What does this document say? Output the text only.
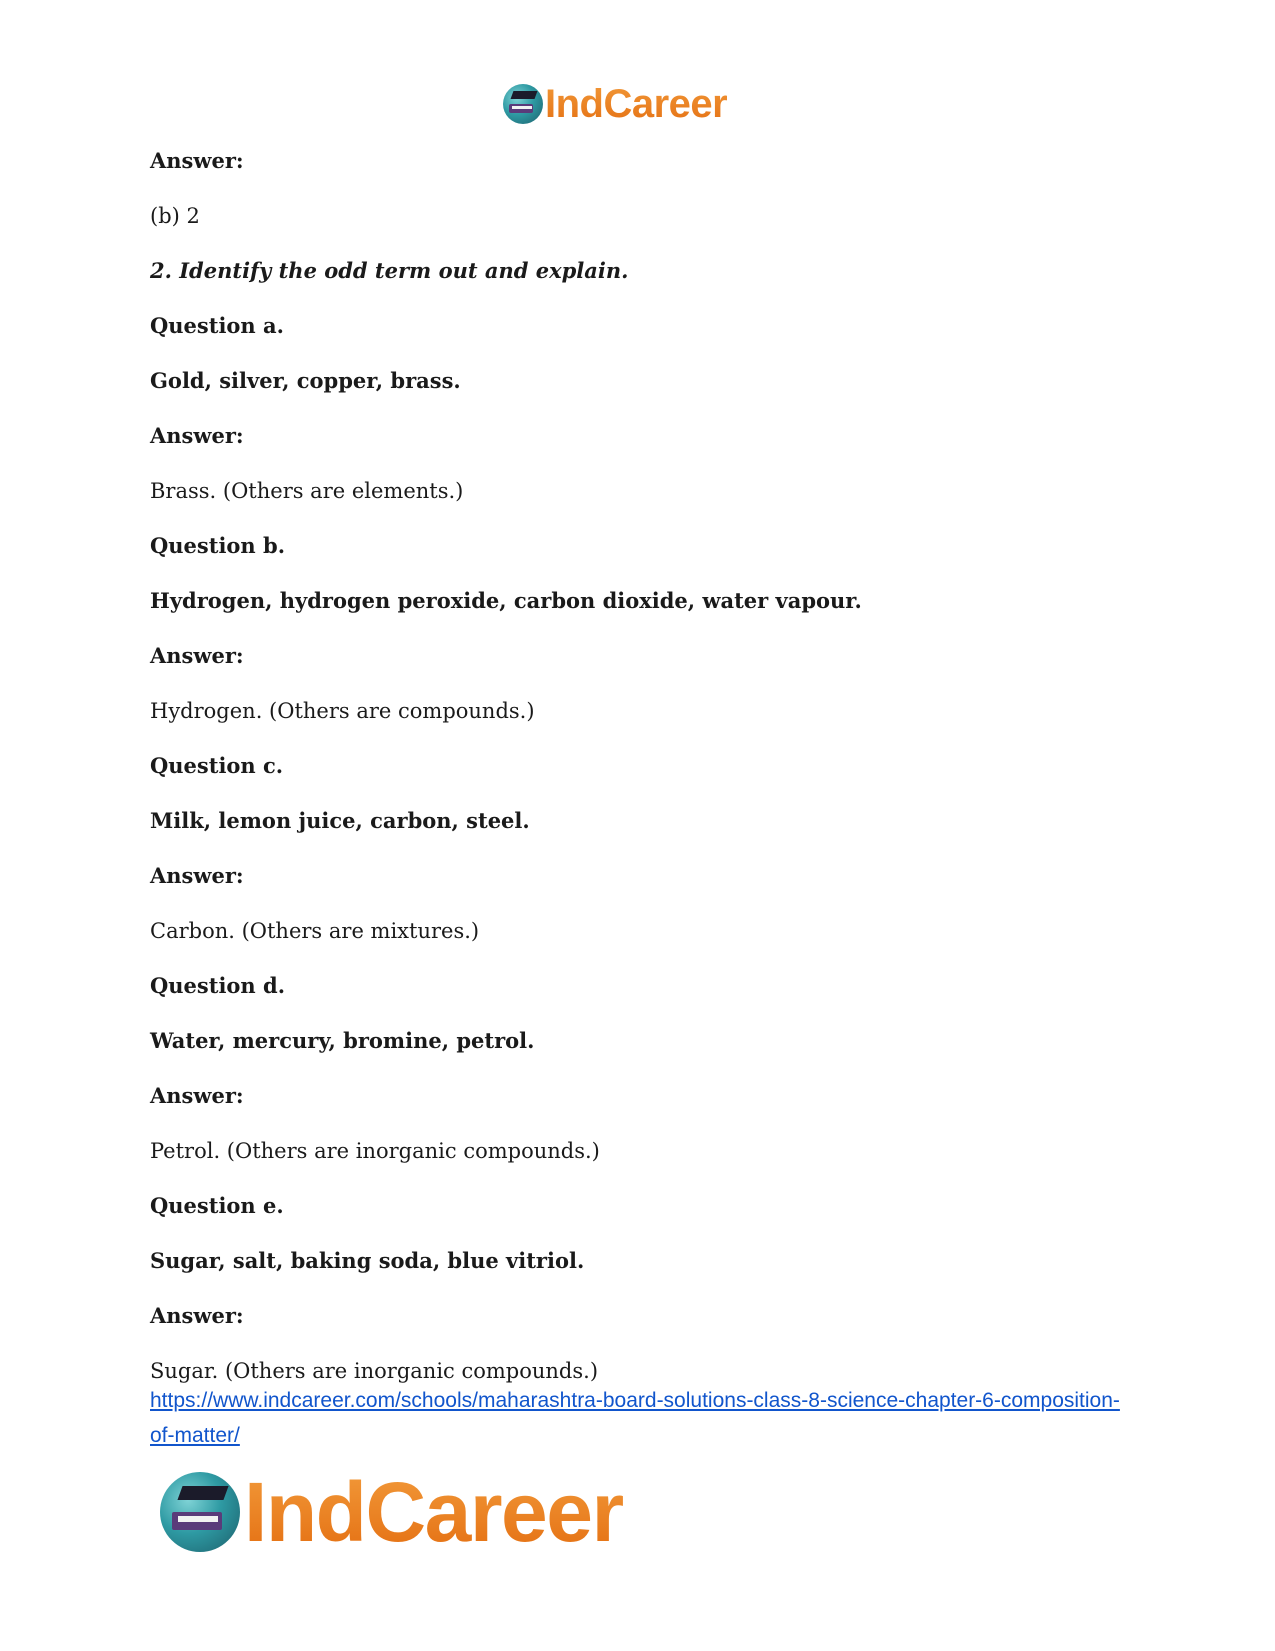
IndCareer
Answer:
(b) 2
2. Identify the odd term out and explain.
Question a.
Gold, silver, copper, brass.
Answer:
Brass. (Others are elements.)
Question b.
Hydrogen, hydrogen peroxide, carbon dioxide, water vapour.
Answer:
Hydrogen. (Others are compounds.)
Question c.
Milk, lemon juice, carbon, steel.
Answer:
Carbon. (Others are mixtures.)
Question d.
Water, mercury, bromine, petrol.
Answer:
Petrol. (Others are inorganic compounds.)
Question e.
Sugar, salt, baking soda, blue vitriol.
Answer:
Sugar. (Others are inorganic compounds.)
https://www.indcareer.com/schools/maharashtra-board-solutions-class-8-science-chapter-6-composition-of-matter/
IndCareer
